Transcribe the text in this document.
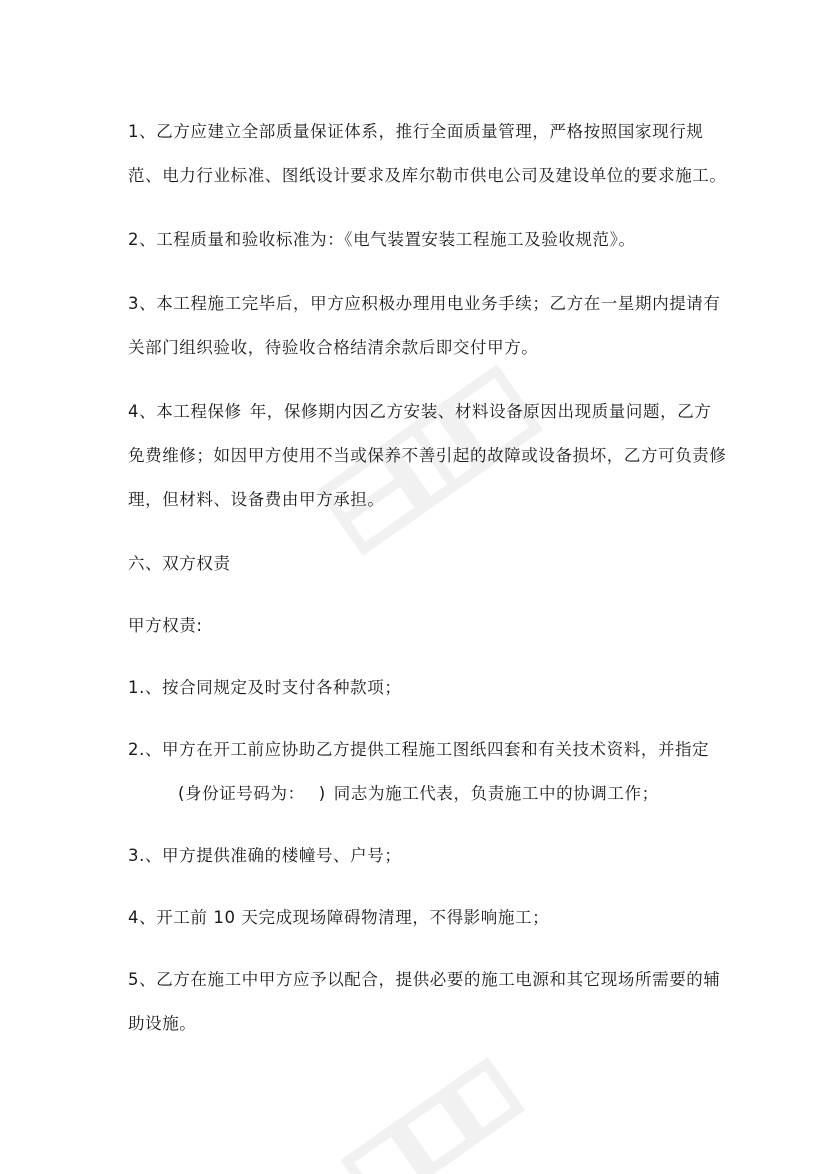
1、乙方应建立全部质量保证体系，推行全面质量管理，严格按照国家现行规范、电力行业标准、图纸设计要求及库尔勒市供电公司及建设单位的要求施工。

2、工程质量和验收标准为：《电气装置安装工程施工及验收规范》。

3、本工程施工完毕后，甲方应积极办理用电业务手续；乙方在一星期内提请有关部门组织验收，待验收合格结清余款后即交付甲方。

4、本工程保修 年，保修期内因乙方安装、材料设备原因出现质量问题，乙方免费维修；如因甲方使用不当或保养不善引起的故障或设备损坏，乙方可负责修理，但材料、设备费由甲方承担。

六、双方权责

甲方权责:

1.、按合同规定及时支付各种款项；

2.、甲方在开工前应协助乙方提供工程施工图纸四套和有关技术资料，并指定(身份证号码为： ) 同志为施工代表，负责施工中的协调工作；

3.、甲方提供准确的楼幢号、户号；

4、开工前 10 天完成现场障碍物清理，不得影响施工；

5、乙方在施工中甲方应予以配合，提供必要的施工电源和其它现场所需要的辅助设施。
